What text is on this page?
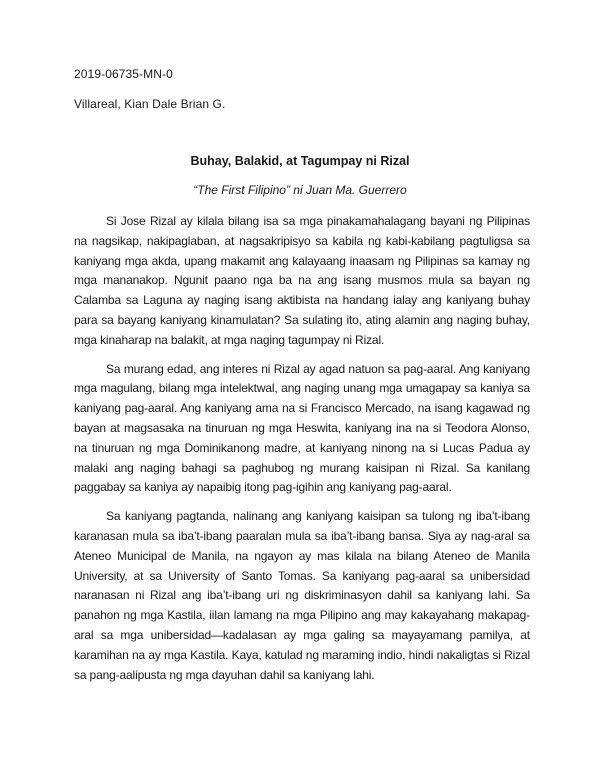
2019-06735-MN-0
Villareal, Kian Dale Brian G.
Buhay, Balakid, at Tagumpay ni Rizal
“The First Filipino” ni Juan Ma. Guerrero

Si Jose Rizal ay kilala bilang isa sa mga pinakamahalagang bayani ng Pilipinas na nagsikap, nakipaglaban, at nagsakripisyo sa kabila ng kabi-kabilang pagtuligsa sa kaniyang mga akda, upang makamit ang kalayaang inaasam ng Pilipinas sa kamay ng mga mananakop. Ngunit paano nga ba na ang isang musmos mula sa bayan ng Calamba sa Laguna ay naging isang aktibista na handang ialay ang kaniyang buhay para sa bayang kaniyang kinamulatan? Sa sulating ito, ating alamin ang naging buhay, mga kinaharap na balakit, at mga naging tagumpay ni Rizal.

Sa murang edad, ang interes ni Rizal ay agad natuon sa pag-aaral. Ang kaniyang mga magulang, bilang mga intelektwal, ang naging unang mga umagapay sa kaniya sa kaniyang pag-aaral. Ang kaniyang ama na si Francisco Mercado, na isang kagawad ng bayan at magsasaka na tinuruan ng mga Heswita, kaniyang ina na si Teodora Alonso, na tinuruan ng mga Dominikanong madre, at kaniyang ninong na si Lucas Padua ay malaki ang naging bahagi sa paghubog ng murang kaisipan ni Rizal. Sa kanilang paggabay sa kaniya ay napaibig itong pag-igihin ang kaniyang pag-aaral.

Sa kaniyang pagtanda, nalinang ang kaniyang kaisipan sa tulong ng iba’t-ibang karanasan mula sa iba’t-ibang paaralan mula sa iba’t-ibang bansa. Siya ay nag-aral sa Ateneo Municipal de Manila, na ngayon ay mas kilala na bilang Ateneo de Manila University, at sa University of Santo Tomas. Sa kaniyang pag-aaral sa unibersidad naranasan ni Rizal ang iba’t-ibang uri ng diskriminasyon dahil sa kaniyang lahi. Sa panahon ng mga Kastila, iilan lamang na mga Pilipino ang may kakayahang makapag-aral sa mga unibersidad—kadalasan ay mga galing sa mayayamang pamilya, at karamihan na ay mga Kastila. Kaya, katulad ng maraming indio, hindi nakaligtas si Rizal sa pang-aalipusta ng mga dayuhan dahil sa kaniyang lahi.
